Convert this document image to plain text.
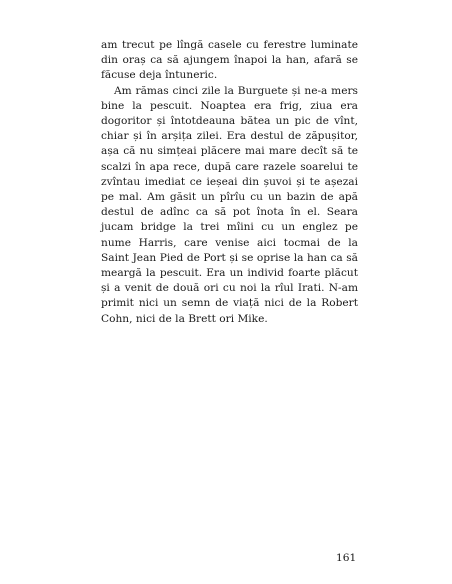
am trecut pe lîngă casele cu ferestre luminate din oraș ca să ajungem înapoi la han, afară se făcuse deja întuneric.

Am rămas cinci zile la Burguete și ne-a mers bine la pescuit. Noaptea era frig, ziua era dogoritor și întotdeauna bătea un pic de vînt, chiar și în arșița zilei. Era destul de zăpușitor, așa că nu simțeai plăcere mai mare decît să te scalzi în apa rece, după care razele soarelui te zvîntau imediat ce ieșeai din șuvoi și te așezai pe mal. Am găsit un pîrîu cu un bazin de apă destul de adînc ca să pot înota în el. Seara jucam bridge la trei mîini cu un englez pe nume Harris, care venise aici tocmai de la Saint Jean Pied de Port și se oprise la han ca să meargă la pescuit. Era un individ foarte plăcut și a venit de două ori cu noi la rîul Irati. N-am primit nici un semn de viață nici de la Robert Cohn, nici de la Brett ori Mike.

161
